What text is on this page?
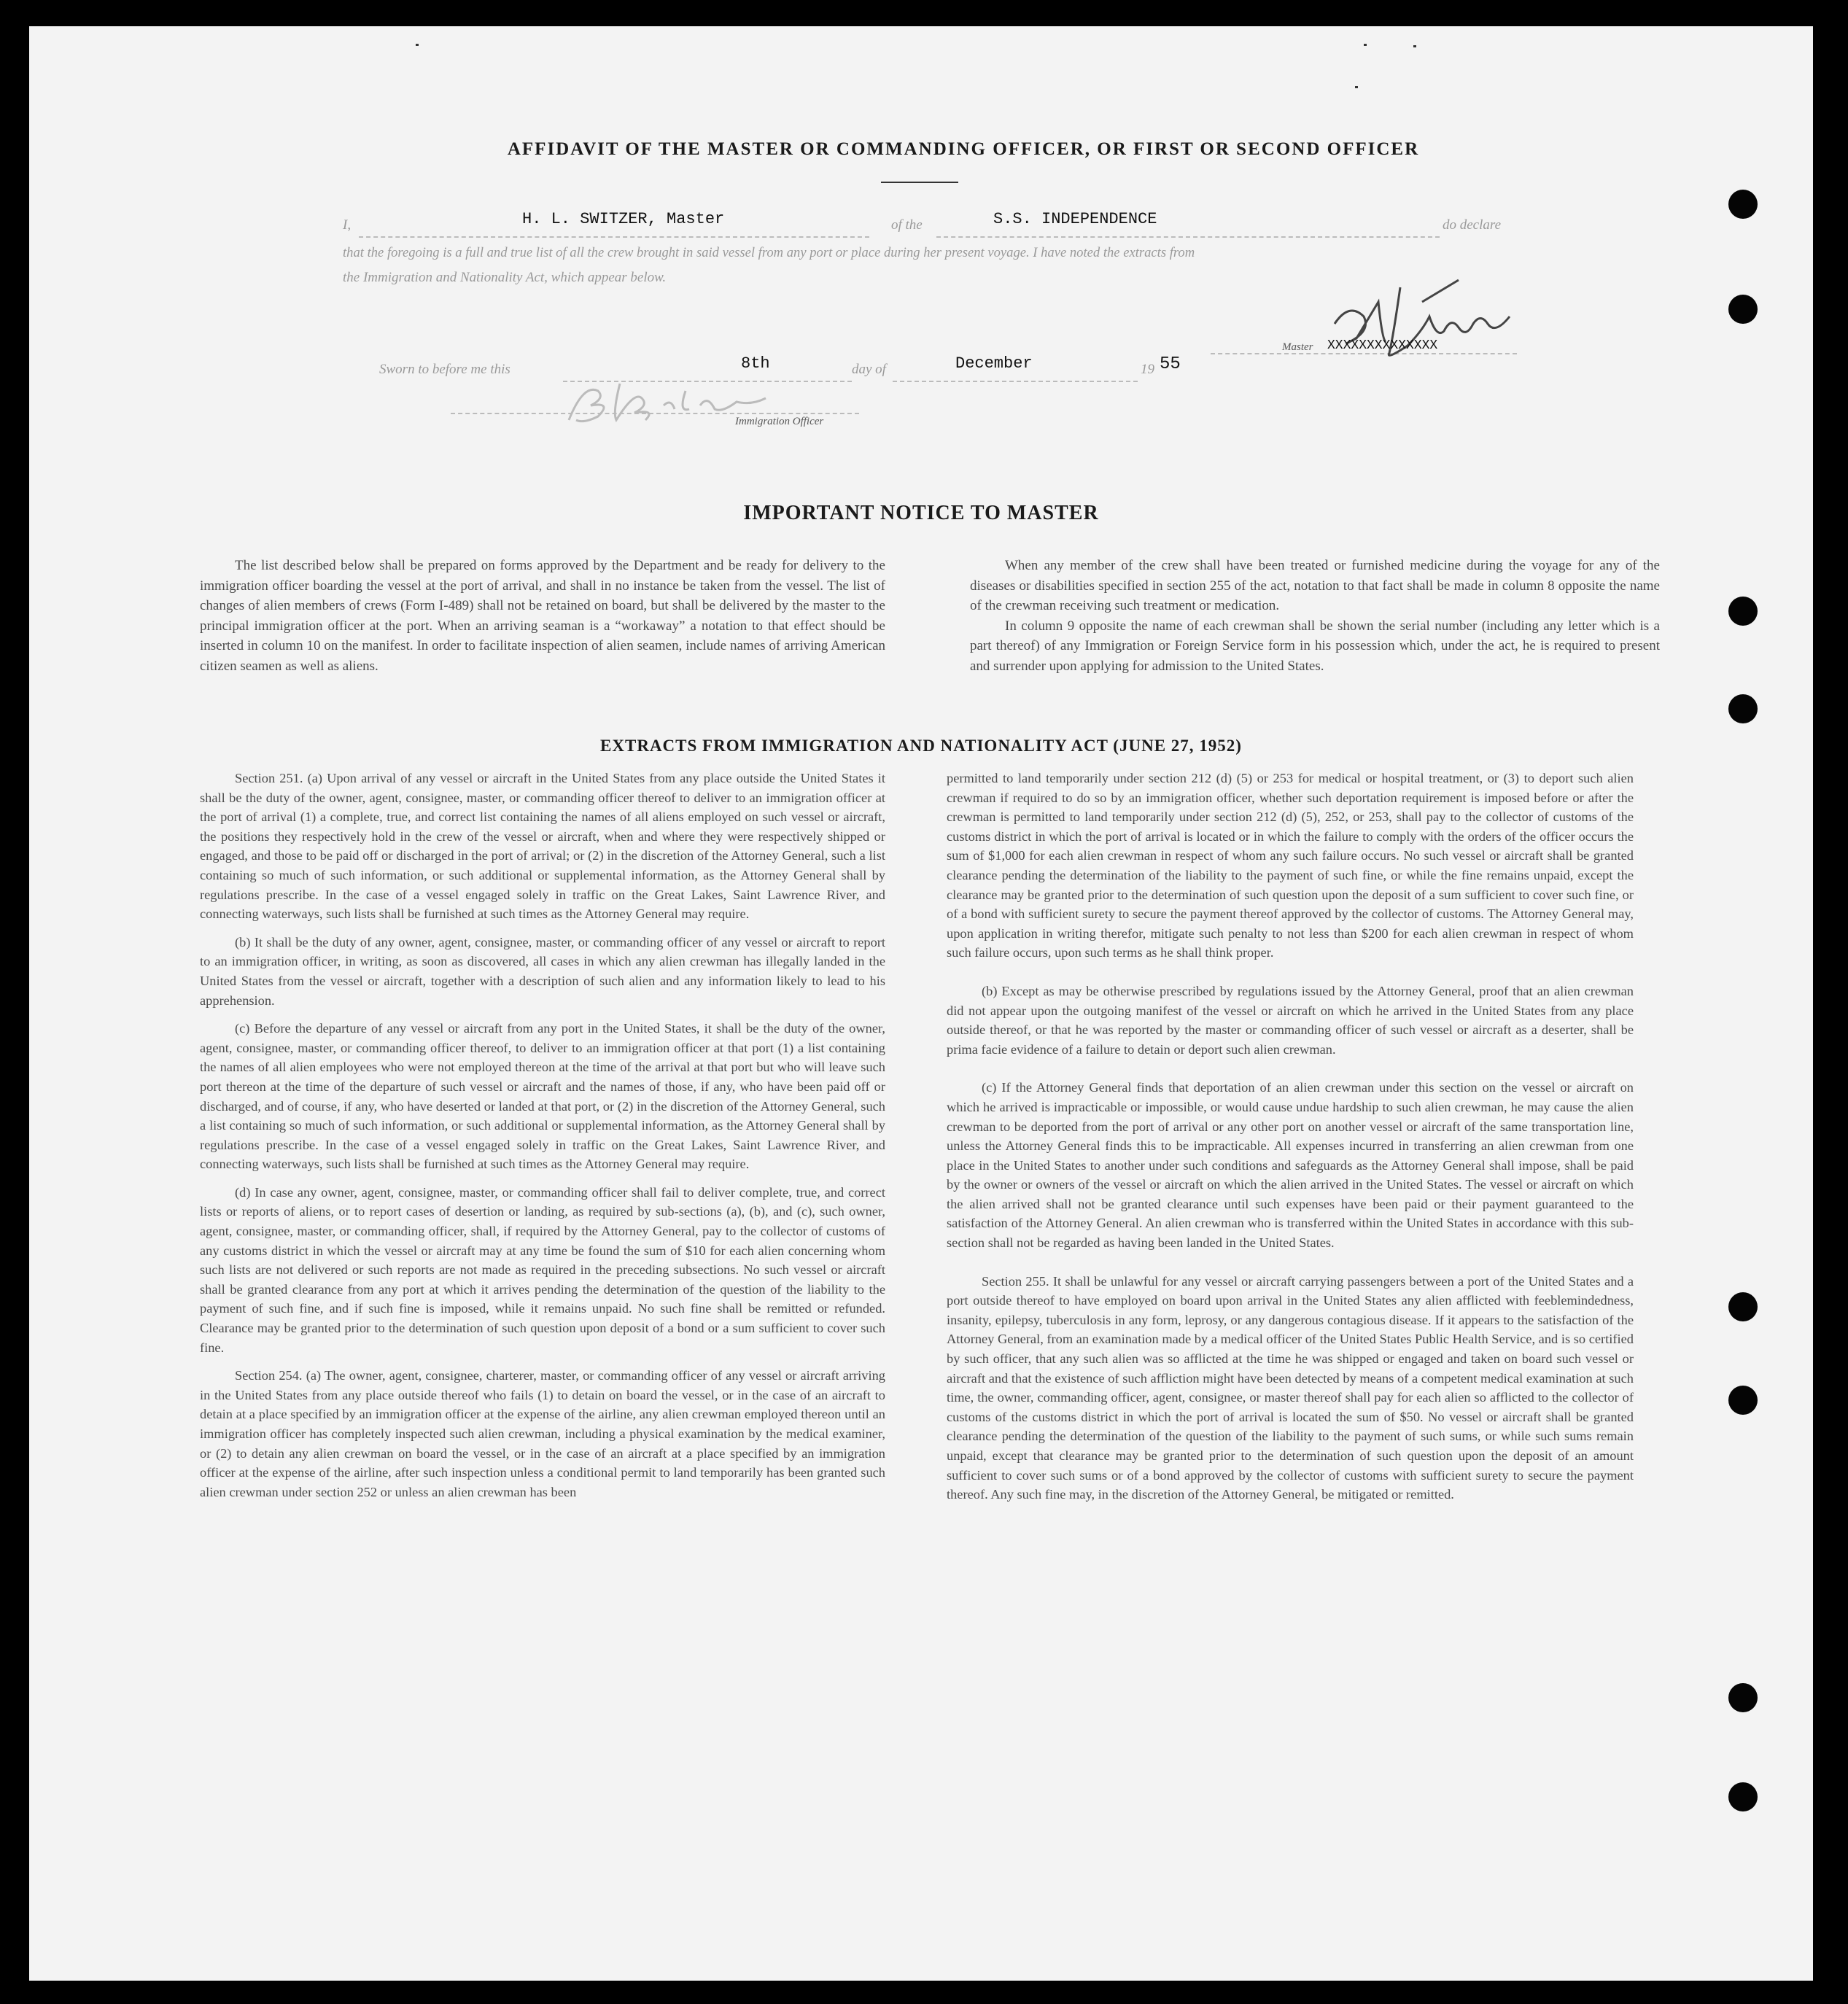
AFFIDAVIT OF THE MASTER OR COMMANDING OFFICER, OR FIRST OR SECOND OFFICER
I,	H. L. SWITZER, Master	of the	S.S. INDEPENDENCE	do declare
that the foregoing is a full and true list of all the crew brought in said vessel from any port or place during her present voyage. I have noted the extracts from
the Immigration and Nationality Act, which appear below.
Master XXXXXXXXXXXXXX
Sworn to before me this	8th	day of	December	19 55
Immigration Officer
IMPORTANT NOTICE TO MASTER

The list described below shall be prepared on forms approved by the Department and be ready for delivery to the immigration officer boarding the vessel at the port of arrival, and shall in no instance be taken from the vessel. The list of changes of alien members of crews (Form I-489) shall not be retained on board, but shall be delivered by the master to the principal immigration officer at the port. When an arriving seaman is a “workaway” a notation to that effect should be inserted in column 10 on the manifest. In order to facilitate inspection of alien seamen, include names of arriving American citizen seamen as well as aliens.

When any member of the crew shall have been treated or furnished medicine during the voyage for any of the diseases or disabilities specified in section 255 of the act, notation to that fact shall be made in column 8 opposite the name of the crewman receiving such treatment or medication.

In column 9 opposite the name of each crewman shall be shown the serial number (including any letter which is a part thereof) of any Immigration or Foreign Service form in his possession which, under the act, he is required to present and surrender upon applying for admission to the United States.

EXTRACTS FROM IMMIGRATION AND NATIONALITY ACT (JUNE 27, 1952)

Section 251. (a) Upon arrival of any vessel or aircraft in the United States from any place outside the United States it shall be the duty of the owner, agent, consignee, master, or commanding officer thereof to deliver to an immigration officer at the port of arrival (1) a complete, true, and correct list containing the names of all aliens employed on such vessel or aircraft, the positions they respectively hold in the crew of the vessel or aircraft, when and where they were respectively shipped or engaged, and those to be paid off or discharged in the port of arrival; or (2) in the discretion of the Attorney General, such a list containing so much of such information, or such additional or supplemental information, as the Attorney General shall by regulations prescribe. In the case of a vessel engaged solely in traffic on the Great Lakes, Saint Lawrence River, and connecting waterways, such lists shall be furnished at such times as the Attorney General may require.

(b) It shall be the duty of any owner, agent, consignee, master, or commanding officer of any vessel or aircraft to report to an immigration officer, in writing, as soon as discovered, all cases in which any alien crewman has illegally landed in the United States from the vessel or aircraft, together with a description of such alien and any information likely to lead to his apprehension.

(c) Before the departure of any vessel or aircraft from any port in the United States, it shall be the duty of the owner, agent, consignee, master, or commanding officer thereof, to deliver to an immigration officer at that port (1) a list containing the names of all alien employees who were not employed thereon at the time of the arrival at that port but who will leave such port thereon at the time of the departure of such vessel or aircraft and the names of those, if any, who have been paid off or discharged, and of course, if any, who have deserted or landed at that port, or (2) in the discretion of the Attorney General, such a list containing so much of such information, or such additional or supplemental information, as the Attorney General shall by regulations prescribe. In the case of a vessel engaged solely in traffic on the Great Lakes, Saint Lawrence River, and connecting waterways, such lists shall be furnished at such times as the Attorney General may require.

(d) In case any owner, agent, consignee, master, or commanding officer shall fail to deliver complete, true, and correct lists or reports of aliens, or to report cases of desertion or landing, as required by sub-sections (a), (b), and (c), such owner, agent, consignee, master, or commanding officer, shall, if required by the Attorney General, pay to the collector of customs of any customs district in which the vessel or aircraft may at any time be found the sum of $10 for each alien concerning whom such lists are not delivered or such reports are not made as required in the preceding subsections. No such vessel or aircraft shall be granted clearance from any port at which it arrives pending the determination of the question of the liability to the payment of such fine, and if such fine is imposed, while it remains unpaid. No such fine shall be remitted or refunded. Clearance may be granted prior to the determination of such question upon deposit of a bond or a sum sufficient to cover such fine.

Section 254. (a) The owner, agent, consignee, charterer, master, or commanding officer of any vessel or aircraft arriving in the United States from any place outside thereof who fails (1) to detain on board the vessel, or in the case of an aircraft to detain at a place specified by an immigration officer at the expense of the airline, any alien crewman employed thereon until an immigration officer has completely inspected such alien crewman, including a physical examination by the medical examiner, or (2) to detain any alien crewman on board the vessel, or in the case of an aircraft at a place specified by an immigration officer at the expense of the airline, after such inspection unless a conditional permit to land temporarily has been granted such alien crewman under section 252 or unless an alien crewman has been

permitted to land temporarily under section 212 (d) (5) or 253 for medical or hospital treatment, or (3) to deport such alien crewman if required to do so by an immigration officer, whether such deportation requirement is imposed before or after the crewman is permitted to land temporarily under section 212 (d) (5), 252, or 253, shall pay to the collector of customs of the customs district in which the port of arrival is located or in which the failure to comply with the orders of the officer occurs the sum of $1,000 for each alien crewman in respect of whom any such failure occurs. No such vessel or aircraft shall be granted clearance pending the determination of the liability to the payment of such fine, or while the fine remains unpaid, except the clearance may be granted prior to the determination of such question upon the deposit of a sum sufficient to cover such fine, or of a bond with sufficient surety to secure the payment thereof approved by the collector of customs. The Attorney General may, upon application in writing therefor, mitigate such penalty to not less than $200 for each alien crewman in respect of whom such failure occurs, upon such terms as he shall think proper.

(b) Except as may be otherwise prescribed by regulations issued by the Attorney General, proof that an alien crewman did not appear upon the outgoing manifest of the vessel or aircraft on which he arrived in the United States from any place outside thereof, or that he was reported by the master or commanding officer of such vessel or aircraft as a deserter, shall be prima facie evidence of a failure to detain or deport such alien crewman.

(c) If the Attorney General finds that deportation of an alien crewman under this section on the vessel or aircraft on which he arrived is impracticable or impossible, or would cause undue hardship to such alien crewman, he may cause the alien crewman to be deported from the port of arrival or any other port on another vessel or aircraft of the same transportation line, unless the Attorney General finds this to be impracticable. All expenses incurred in transferring an alien crewman from one place in the United States to another under such conditions and safeguards as the Attorney General shall impose, shall be paid by the owner or owners of the vessel or aircraft on which the alien arrived in the United States. The vessel or aircraft on which the alien arrived shall not be granted clearance until such expenses have been paid or their payment guaranteed to the satisfaction of the Attorney General. An alien crewman who is transferred within the United States in accordance with this sub-section shall not be regarded as having been landed in the United States.

Section 255. It shall be unlawful for any vessel or aircraft carrying passengers between a port of the United States and a port outside thereof to have employed on board upon arrival in the United States any alien afflicted with feeblemindedness, insanity, epilepsy, tuberculosis in any form, leprosy, or any dangerous contagious disease. If it appears to the satisfaction of the Attorney General, from an examination made by a medical officer of the United States Public Health Service, and is so certified by such officer, that any such alien was so afflicted at the time he was shipped or engaged and taken on board such vessel or aircraft and that the existence of such affliction might have been detected by means of a competent medical examination at such time, the owner, commanding officer, agent, consignee, or master thereof shall pay for each alien so afflicted to the collector of customs of the customs district in which the port of arrival is located the sum of $50. No vessel or aircraft shall be granted clearance pending the determination of the question of the liability to the payment of such sums, or while such sums remain unpaid, except that clearance may be granted prior to the determination of such question upon the deposit of an amount sufficient to cover such sums or of a bond approved by the collector of customs with sufficient surety to secure the payment thereof. Any such fine may, in the discretion of the Attorney General, be mitigated or remitted.
